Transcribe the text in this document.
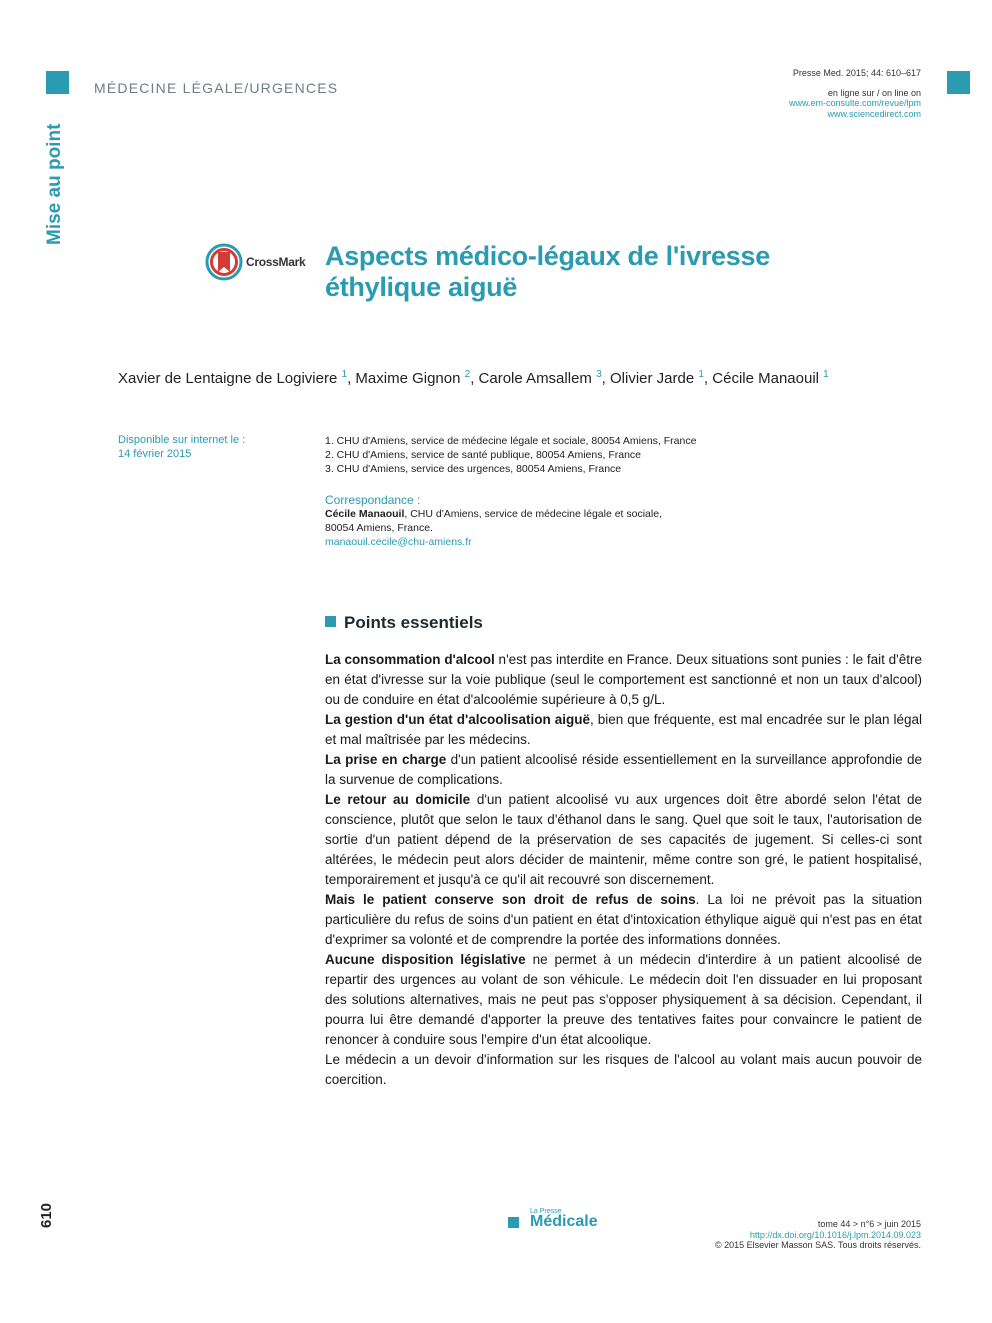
MÉDECINE LÉGALE/URGENCES
Mise au point
Presse Med. 2015; 44: 610–617
en ligne sur / on line on
www.em-consulte.com/revue/lpm
www.sciencedirect.com
CrossMark Aspects médico-légaux de l'ivresse éthylique aiguë
Xavier de Lentaigne de Logiviere $^1$, Maxime Gignon $^2$, Carole Amsallem $^3$, Olivier Jarde $^1$, Cécile Manaouil $^1$
Disponible sur internet le :
14 février 2015
1. CHU d'Amiens, service de médecine légale et sociale, 80054 Amiens, France
2. CHU d'Amiens, service de santé publique, 80054 Amiens, France
3. CHU d'Amiens, service des urgences, 80054 Amiens, France
Correspondance :
Cécile Manaouil, CHU d'Amiens, service de médecine légale et sociale,
80054 Amiens, France.
manaouil.cecile@chu-amiens.fr
Points essentiels

La consommation d'alcool n'est pas interdite en France. Deux situations sont punies : le fait d'être en état d'ivresse sur la voie publique (seul le comportement est sanctionné et non un taux d'alcool) ou de conduire en état d'alcoolémie supérieure à 0,5 g/L.

La gestion d'un état d'alcoolisation aiguë, bien que fréquente, est mal encadrée sur le plan légal et mal maîtrisée par les médecins.

La prise en charge d'un patient alcoolisé réside essentiellement en la surveillance approfondie de la survenue de complications.

Le retour au domicile d'un patient alcoolisé vu aux urgences doit être abordé selon l'état de conscience, plutôt que selon le taux d'éthanol dans le sang. Quel que soit le taux, l'autorisation de sortie d'un patient dépend de la préservation de ses capacités de jugement. Si celles-ci sont altérées, le médecin peut alors décider de maintenir, même contre son gré, le patient hospitalisé, temporairement et jusqu'à ce qu'il ait recouvré son discernement.

Mais le patient conserve son droit de refus de soins. La loi ne prévoit pas la situation particulière du refus de soins d'un patient en état d'intoxication éthylique aiguë qui n'est pas en état d'exprimer sa volonté et de comprendre la portée des informations données.

Aucune disposition législative ne permet à un médecin d'interdire à un patient alcoolisé de repartir des urgences au volant de son véhicule. Le médecin doit l'en dissuader en lui proposant des solutions alternatives, mais ne peut pas s'opposer physiquement à sa décision. Cependant, il pourra lui être demandé d'apporter la preuve des tentatives faites pour convaincre le patient de renoncer à conduire sous l'empire d'un état alcoolique.

Le médecin a un devoir d'information sur les risques de l'alcool au volant mais aucun pouvoir de coercition.

610	La Presse
Médicale	tome 44 > n°6 > juin 2015
http://dx.doi.org/10.1016/j.lpm.2014.09.023
© 2015 Elsevier Masson SAS. Tous droits réservés.
